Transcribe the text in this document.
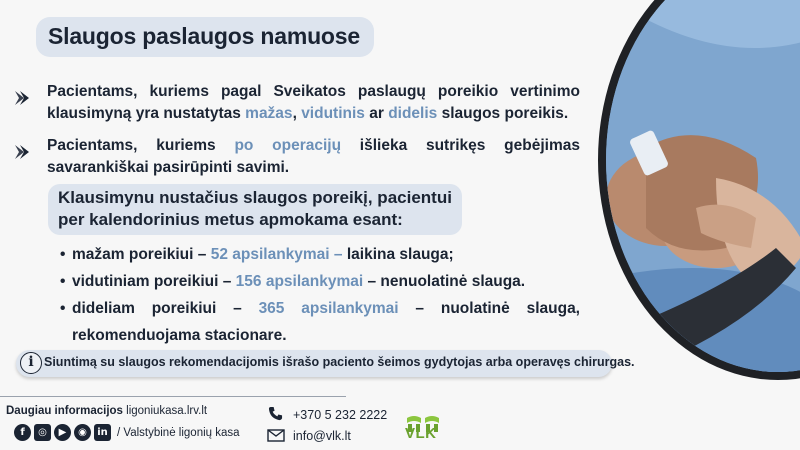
Slaugos paslaugos namuose
Pacientams, kuriems pagal Sveikatos paslaugų poreikio vertinimo klausimyną yra nustatytas mažas, vidutinis ar didelis slaugos poreikis.
Pacientams, kuriems po operacijų išlieka sutrikęs gebėjimas savarankiškai pasirūpinti savimi.
Klausimynu nustačius slaugos poreikį, pacientui
per kalendorinius metus apmokama esant:
• mažam poreikiui – 52 apsilankymai – laikina slauga;
• vidutiniam poreikiui – 156 apsilankymai – nenuolatinė slauga.
• dideliam poreikiui – 365 apsilankymai – nuolatinė slauga, rekomenduojama stacionare.
i Siuntimą su slaugos rekomendacijomis išrašo paciento šeimos gydytojas arba operavęs chirurgas.
Daugiau informacijos ligoniukasa.lrv.lt
f	◎	▶	◉	in / Valstybinė ligonių kasa
+370 5 232 2222
info@vlk.lt	VLK
